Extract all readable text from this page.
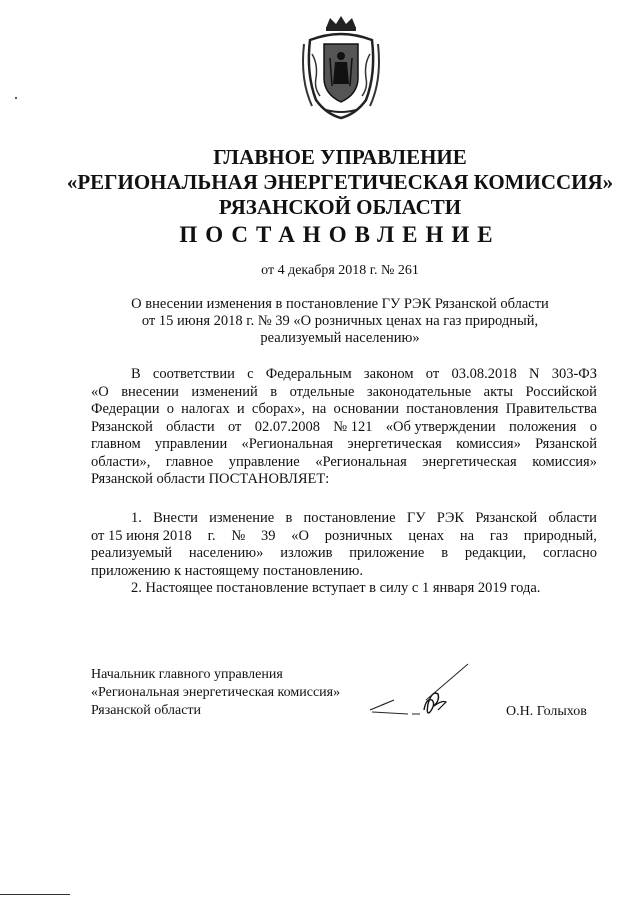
ГЛАВНОЕ УПРАВЛЕНИЕ
«РЕГИОНАЛЬНАЯ ЭНЕРГЕТИЧЕСКАЯ КОМИССИЯ»
РЯЗАНСКОЙ ОБЛАСТИ
ПОСТАНОВЛЕНИЕ
от 4 декабря 2018 г. № 261
О внесении изменения в постановление ГУ РЭК Рязанской области
от 15 июня 2018 г. № 39 «О розничных ценах на газ природный,
реализуемый населению»
В соответствии с Федеральным законом от 03.08.2018 N 303-ФЗ
«О внесении изменений в отдельные законодательные акты Российской
Федерации о налогах и сборах», на основании постановления Правительства
Рязанской области от 02.07.2008 № 121 «Об утверждении положения о
главном управлении «Региональная энергетическая комиссия» Рязанской
области», главное управление «Региональная энергетическая комиссия»
Рязанской области ПОСТАНОВЛЯЕТ:
1. Внести изменение в постановление ГУ РЭК Рязанской области
от 15 июня 2018 г. № 39 «О розничных ценах на газ природный,
реализуемый населению» изложив приложение в редакции, согласно
приложению к настоящему постановлению.
2. Настоящее постановление вступает в силу с 1 января 2019 года.
Начальник главного управления
«Региональная энергетическая комиссия»
Рязанской области	О.Н. Голыхов
